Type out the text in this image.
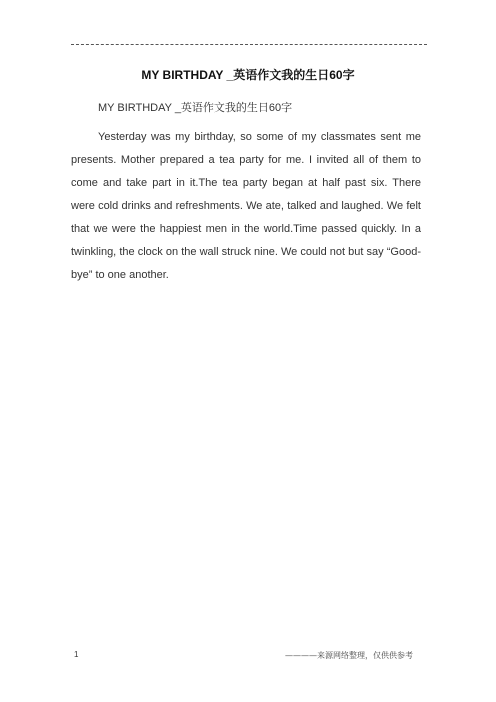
MY BIRTHDAY _英语作文我的生日60字
MY BIRTHDAY _英语作文我的生日60字

Yesterday was my birthday, so some of my classmates sent me presents. Mother prepared a tea party for me. I invited all of them to come and take part in it.The tea party began at half past six. There were cold drinks and refreshments. We ate, talked and laughed. We felt that we were the happiest men in the world.Time passed quickly. In a twinkling, the clock on the wall struck nine. We could not but say “Good-bye” to one another.

1	————来源网络整理，仅供供参考
